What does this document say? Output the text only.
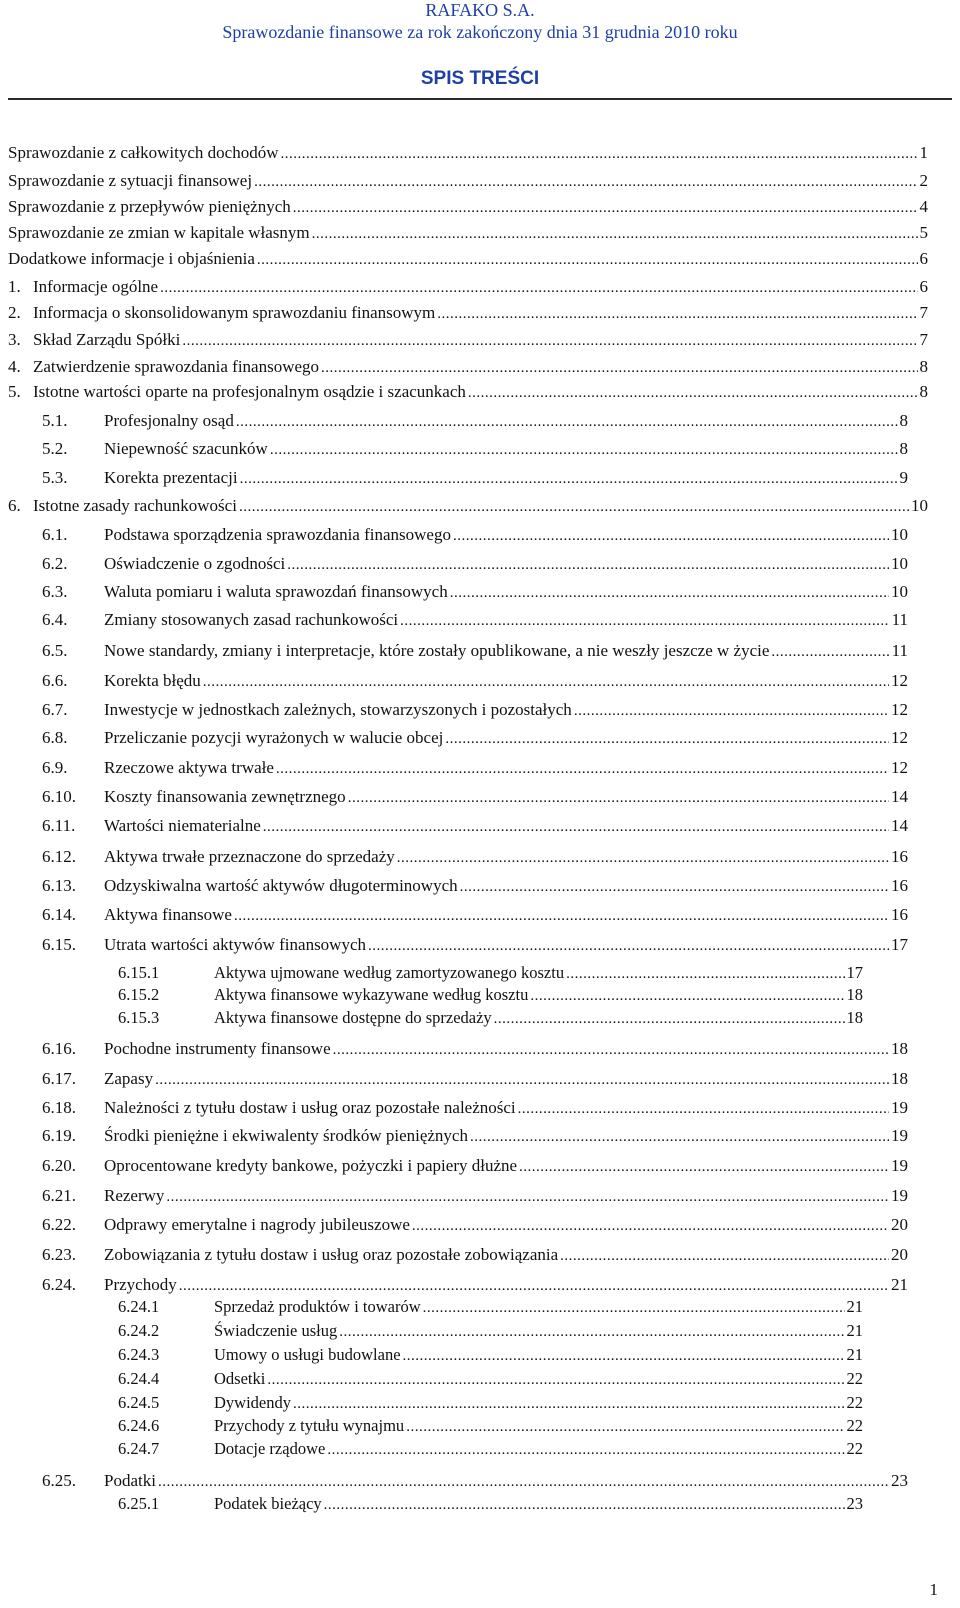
RAFAKO S.A.
Sprawozdanie finansowe za rok zakończony dnia 31 grudnia 2010 roku
SPIS TREŚCI
Sprawozdanie z całkowitych dochodów .....	1
Sprawozdanie z sytuacji finansowej .....	2
Sprawozdanie z przepływów pieniężnych .....	4
Sprawozdanie ze zmian w kapitale własnym .....	5
Dodatkowe informacje i objaśnienia .....	6
1. Informacje ogólne .....	6
2. Informacja o skonsolidowanym sprawozdaniu finansowym .....	7
3. Skład Zarządu Spółki .....	7
4. Zatwierdzenie sprawozdania finansowego .....	8
5. Istotne wartości oparte na profesjonalnym osądzie i szacunkach .....	8
5.1.	Profesjonalny osąd .....	8
5.2.	Niepewność szacunków .....	8
5.3.	Korekta prezentacji .....	9
6. Istotne zasady rachunkowości .....	10
6.1.	Podstawa sporządzenia sprawozdania finansowego .....	10
6.2.	Oświadczenie o zgodności .....	10
6.3.	Waluta pomiaru i waluta sprawozdań finansowych .....	10
6.4.	Zmiany stosowanych zasad rachunkowości .....	11
6.5.	Nowe standardy, zmiany i interpretacje, które zostały opublikowane, a nie weszły jeszcze w życie .....	11
6.6.	Korekta błędu .....	12
6.7.	Inwestycje w jednostkach zależnych, stowarzyszonych i pozostałych .....	12
6.8.	Przeliczanie pozycji wyrażonych w walucie obcej .....	12
6.9.	Rzeczowe aktywa trwałe .....	12
6.10.	Koszty finansowania zewnętrznego .....	14
6.11.	Wartości niematerialne .....	14
6.12.	Aktywa trwałe przeznaczone do sprzedaży .....	16
6.13.	Odzyskiwalna wartość aktywów długoterminowych .....	16
6.14.	Aktywa finansowe .....	16
6.15.	Utrata wartości aktywów finansowych .....	17
6.15.1	Aktywa ujmowane według zamortyzowanego kosztu .....	17
6.15.2	Aktywa finansowe wykazywane według kosztu .....	18
6.15.3	Aktywa finansowe dostępne do sprzedaży .....	18
6.16.	Pochodne instrumenty finansowe .....	18
6.17.	Zapasy .....	18
6.18.	Należności z tytułu dostaw i usług oraz pozostałe należności .....	19
6.19.	Środki pieniężne i ekwiwalenty środków pieniężnych .....	19
6.20.	Oprocentowane kredyty bankowe, pożyczki i papiery dłużne .....	19
6.21.	Rezerwy .....	19
6.22.	Odprawy emerytalne i nagrody jubileuszowe .....	20
6.23.	Zobowiązania z tytułu dostaw i usług oraz pozostałe zobowiązania .....	20
6.24.	Przychody .....	21
6.24.1	Sprzedaż produktów i towarów .....	21
6.24.2	Świadczenie usług .....	21
6.24.3	Umowy o usługi budowlane .....	21
6.24.4	Odsetki .....	22
6.24.5	Dywidendy .....	22
6.24.6	Przychody z tytułu wynajmu .....	22
6.24.7	Dotacje rządowe .....	22
6.25.	Podatki .....	23
6.25.1	Podatek bieżący .....	23
1
